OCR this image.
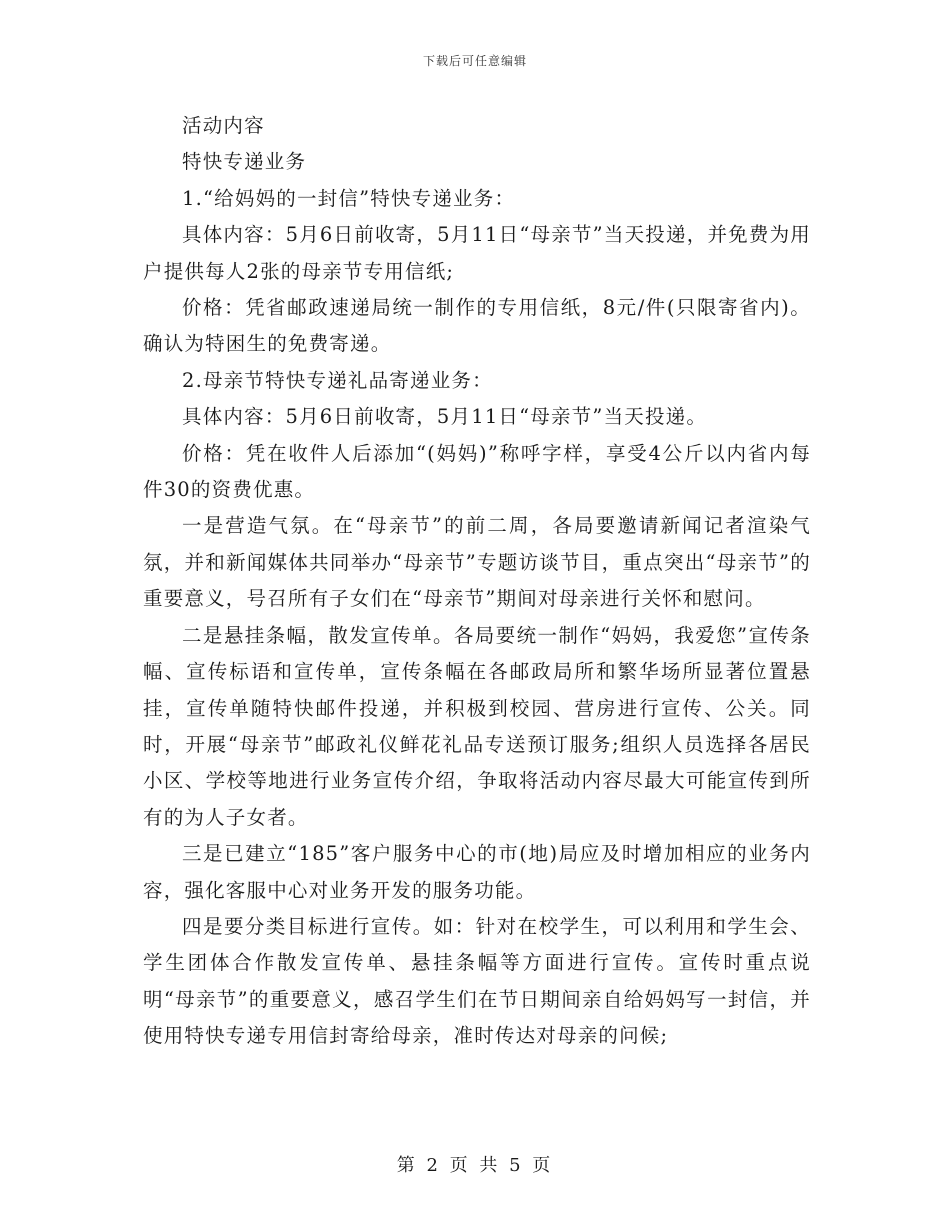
下载后可任意编辑

活动内容

特快专递业务

1.“给妈妈的一封信”特快专递业务：

具体内容：5月6日前收寄，5月11日“母亲节”当天投递，并免费为用户提供每人2张的母亲节专用信纸;

价格：凭省邮政速递局统一制作的专用信纸，8元/件(只限寄省内)。确认为特困生的免费寄递。

2.母亲节特快专递礼品寄递业务：

具体内容：5月6日前收寄，5月11日“母亲节”当天投递。

价格：凭在收件人后添加“(妈妈)”称呼字样，享受4公斤以内省内每件30的资费优惠。

一是营造气氛。在“母亲节”的前二周，各局要邀请新闻记者渲染气氛，并和新闻媒体共同举办“母亲节”专题访谈节目，重点突出“母亲节”的重要意义，号召所有子女们在“母亲节”期间对母亲进行关怀和慰问。

二是悬挂条幅，散发宣传单。各局要统一制作“妈妈，我爱您”宣传条幅、宣传标语和宣传单，宣传条幅在各邮政局所和繁华场所显著位置悬挂，宣传单随特快邮件投递，并积极到校园、营房进行宣传、公关。同时，开展“母亲节”邮政礼仪鲜花礼品专送预订服务;组织人员选择各居民小区、学校等地进行业务宣传介绍，争取将活动内容尽最大可能宣传到所有的为人子女者。

三是已建立“185”客户服务中心的市(地)局应及时增加相应的业务内容，强化客服中心对业务开发的服务功能。

四是要分类目标进行宣传。如：针对在校学生，可以利用和学生会、学生团体合作散发宣传单、悬挂条幅等方面进行宣传。宣传时重点说明“母亲节”的重要意义，感召学生们在节日期间亲自给妈妈写一封信，并使用特快专递专用信封寄给母亲，准时传达对母亲的问候;

第 2 页 共 5 页
